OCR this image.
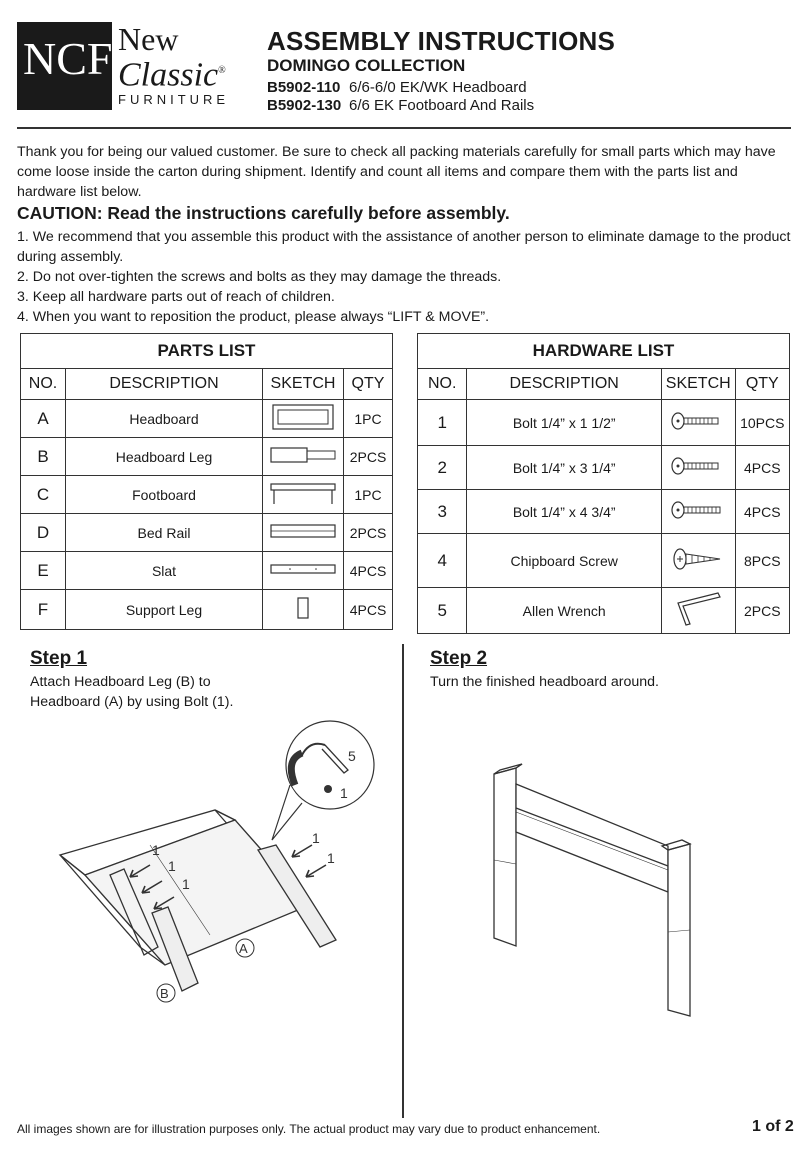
NCF New
Classic®
FURNITURE
ASSEMBLY INSTRUCTIONS
DOMINGO COLLECTION
B5902-110 6/6-6/0 EK/WK Headboard
B5902-130 6/6 EK Footboard And Rails
Thank you for being our valued customer. Be sure to check all packing materials carefully for small parts which may have come loose inside the carton during shipment. Identify and count all items and compare them with the parts list and hardware list below.
CAUTION: Read the instructions carefully before assembly.
1. We recommend that you assemble this product with the assistance of another person to eliminate damage to the product during assembly.
2. Do not over-tighten the screws and bolts as they may damage the threads.
3. Keep all hardware parts out of reach of children.
4. When you want to reposition the product, please always “LIFT & MOVE”.
PARTS LIST			
NO.	DESCRIPTION	SKETCH	QTY
A	Headboard		1PC
B	Headboard Leg		2PCS
C	Footboard		1PC
D	Bed Rail		2PCS
E	Slat		4PCS
F	Support Leg		4PCS
HARDWARE LIST			
NO.	DESCRIPTION	SKETCH	QTY
1	Bolt 1/4” x 1 1/2”		10PCS
2	Bolt 1/4” x 3 1/4”		4PCS
3	Bolt 1/4” x 4 3/4”		4PCS
4	Chipboard Screw		8PCS
5	Allen Wrench		2PCS
Step 1
Attach Headboard Leg (B) to
Headboard (A) by using Bolt (1).
1
1
1
1
1
A
B
5
1
Step 2
Turn the finished headboard around.
All images shown are for illustration purposes only. The actual product may vary due to product enhancement.	1 of 2
